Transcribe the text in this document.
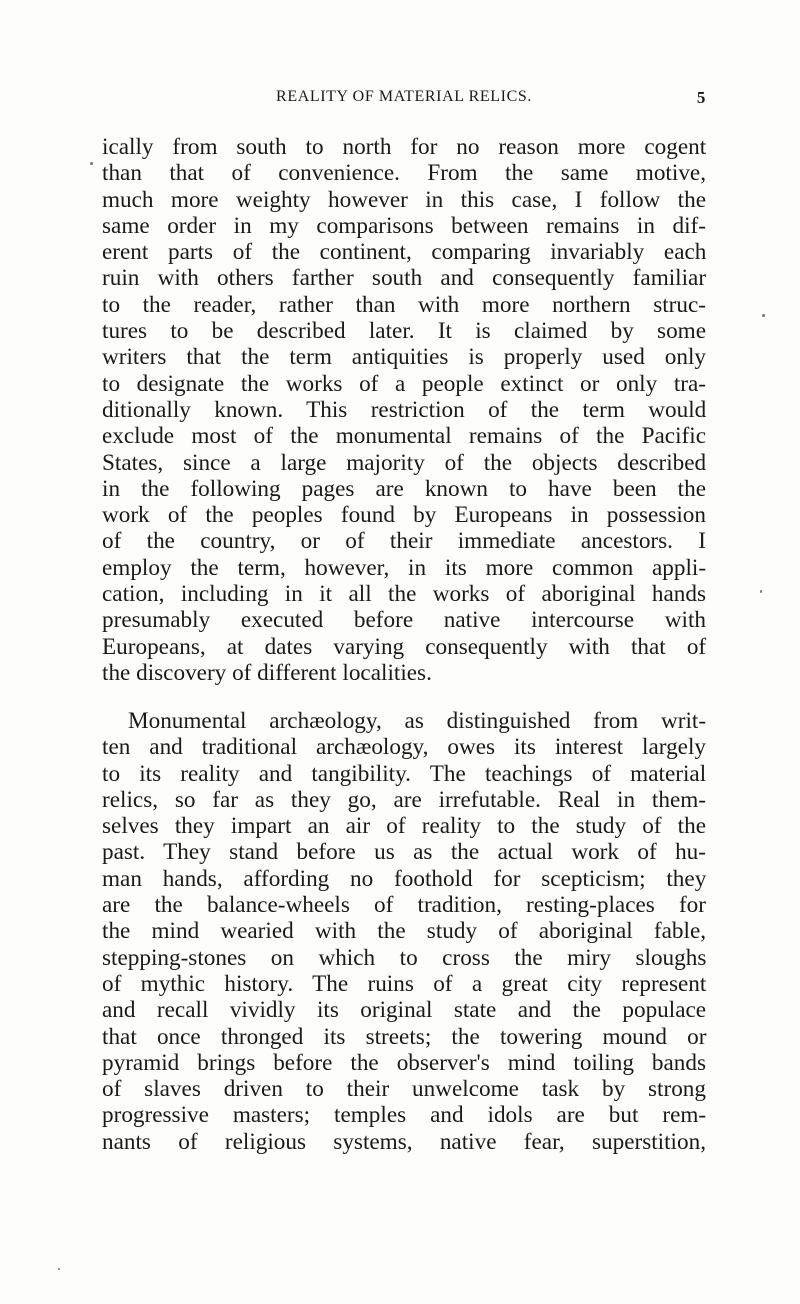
REALITY OF MATERIAL RELICS.	5
ically from south to north for no reason more cogent
than that of convenience. From the same motive,
much more weighty however in this case, I follow the
same order in my comparisons between remains in dif-
erent parts of the continent, comparing invariably each
ruin with others farther south and consequently familiar
to the reader, rather than with more northern struc-
tures to be described later. It is claimed by some
writers that the term antiquities is properly used only
to designate the works of a people extinct or only tra-
ditionally known. This restriction of the term would
exclude most of the monumental remains of the Pacific
States, since a large majority of the objects described
in the following pages are known to have been the
work of the peoples found by Europeans in possession
of the country, or of their immediate ancestors. I
employ the term, however, in its more common appli-
cation, including in it all the works of aboriginal hands
presumably executed before native intercourse with
Europeans, at dates varying consequently with that of
the discovery of different localities.
Monumental archæology, as distinguished from writ-
ten and traditional archæology, owes its interest largely
to its reality and tangibility. The teachings of material
relics, so far as they go, are irrefutable. Real in them-
selves they impart an air of reality to the study of the
past. They stand before us as the actual work of hu-
man hands, affording no foothold for scepticism; they
are the balance-wheels of tradition, resting-places for
the mind wearied with the study of aboriginal fable,
stepping-stones on which to cross the miry sloughs
of mythic history. The ruins of a great city represent
and recall vividly its original state and the populace
that once thronged its streets; the towering mound or
pyramid brings before the observer's mind toiling bands
of slaves driven to their unwelcome task by strong
progressive masters; temples and idols are but rem-
nants of religious systems, native fear, superstition,
